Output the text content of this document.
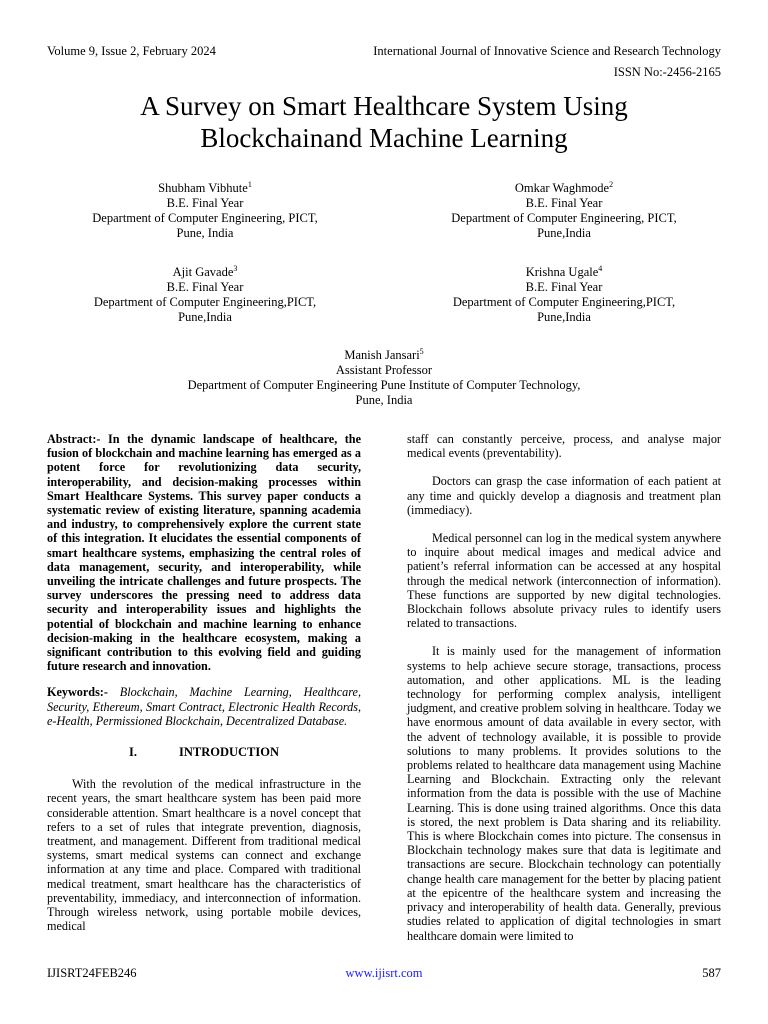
Volume 9, Issue 2, February 2024	International Journal of Innovative Science and Research Technology
ISSN No:-2456-2165
A Survey on Smart Healthcare System Using
Blockchainand Machine Learning
Shubham Vibhute$^1$
B.E. Final Year
Department of Computer Engineering, PICT,
Pune, India
Omkar Waghmode$^2$
B.E. Final Year
Department of Computer Engineering, PICT,
Pune,India
Ajit Gavade$^3$
B.E. Final Year
Department of Computer Engineering,PICT,
Pune,India
Krishna Ugale$^4$
B.E. Final Year
Department of Computer Engineering,PICT,
Pune,India
Manish Jansari$^5$
Assistant Professor
Department of Computer Engineering Pune Institute of Computer Technology,
Pune, India

Abstract:- In the dynamic landscape of healthcare, the fusion of blockchain and machine learning has emerged as a potent force for revolutionizing data security, interoperability, and decision-making processes within Smart Healthcare Systems. This survey paper conducts a systematic review of existing literature, spanning academia and industry, to comprehensively explore the current state of this integration. It elucidates the essential components of smart healthcare systems, emphasizing the central roles of data management, security, and interoperability, while unveiling the intricate challenges and future prospects. The survey underscores the pressing need to address data security and interoperability issues and highlights the potential of blockchain and machine learning to enhance decision-making in the healthcare ecosystem, making a significant contribution to this evolving field and guiding future research and innovation.

Keywords:- Blockchain, Machine Learning, Healthcare, Security, Ethereum, Smart Contract, Electronic Health Records, e-Health, Permissioned Blockchain, Decentralized Database.

I.	INTRODUCTION

With the revolution of the medical infrastructure in the recent years, the smart healthcare system has been paid more considerable attention. Smart healthcare is a novel concept that refers to a set of rules that integrate prevention, diagnosis, treatment, and management. Different from traditional medical systems, smart medical systems can connect and exchange information at any time and place. Compared with traditional medical treatment, smart healthcare has the characteristics of preventability, immediacy, and interconnection of information. Through wireless network, using portable mobile devices, medical

staff can constantly perceive, process, and analyse major medical events (preventability).

Doctors can grasp the case information of each patient at any time and quickly develop a diagnosis and treatment plan (immediacy).

Medical personnel can log in the medical system anywhere to inquire about medical images and medical advice and patient’s referral information can be accessed at any hospital through the medical network (interconnection of information). These functions are supported by new digital technologies. Blockchain follows absolute privacy rules to identify users related to transactions.

It is mainly used for the management of information systems to help achieve secure storage, transactions, process automation, and other applications. ML is the leading technology for performing complex analysis, intelligent judgment, and creative problem solving in healthcare. Today we have enormous amount of data available in every sector, with the advent of technology available, it is possible to provide solutions to many problems. It provides solutions to the problems related to healthcare data management using Machine Learning and Blockchain. Extracting only the relevant information from the data is possible with the use of Machine Learning. This is done using trained algorithms. Once this data is stored, the next problem is Data sharing and its reliability. This is where Blockchain comes into picture. The consensus in Blockchain technology makes sure that data is legitimate and transactions are secure. Blockchain technology can potentially change health care management for the better by placing patient at the epicentre of the healthcare system and increasing the privacy and interoperability of health data. Generally, previous studies related to application of digital technologies in smart healthcare domain were limited to

IJISRT24FEB246	www.ijisrt.com	587
